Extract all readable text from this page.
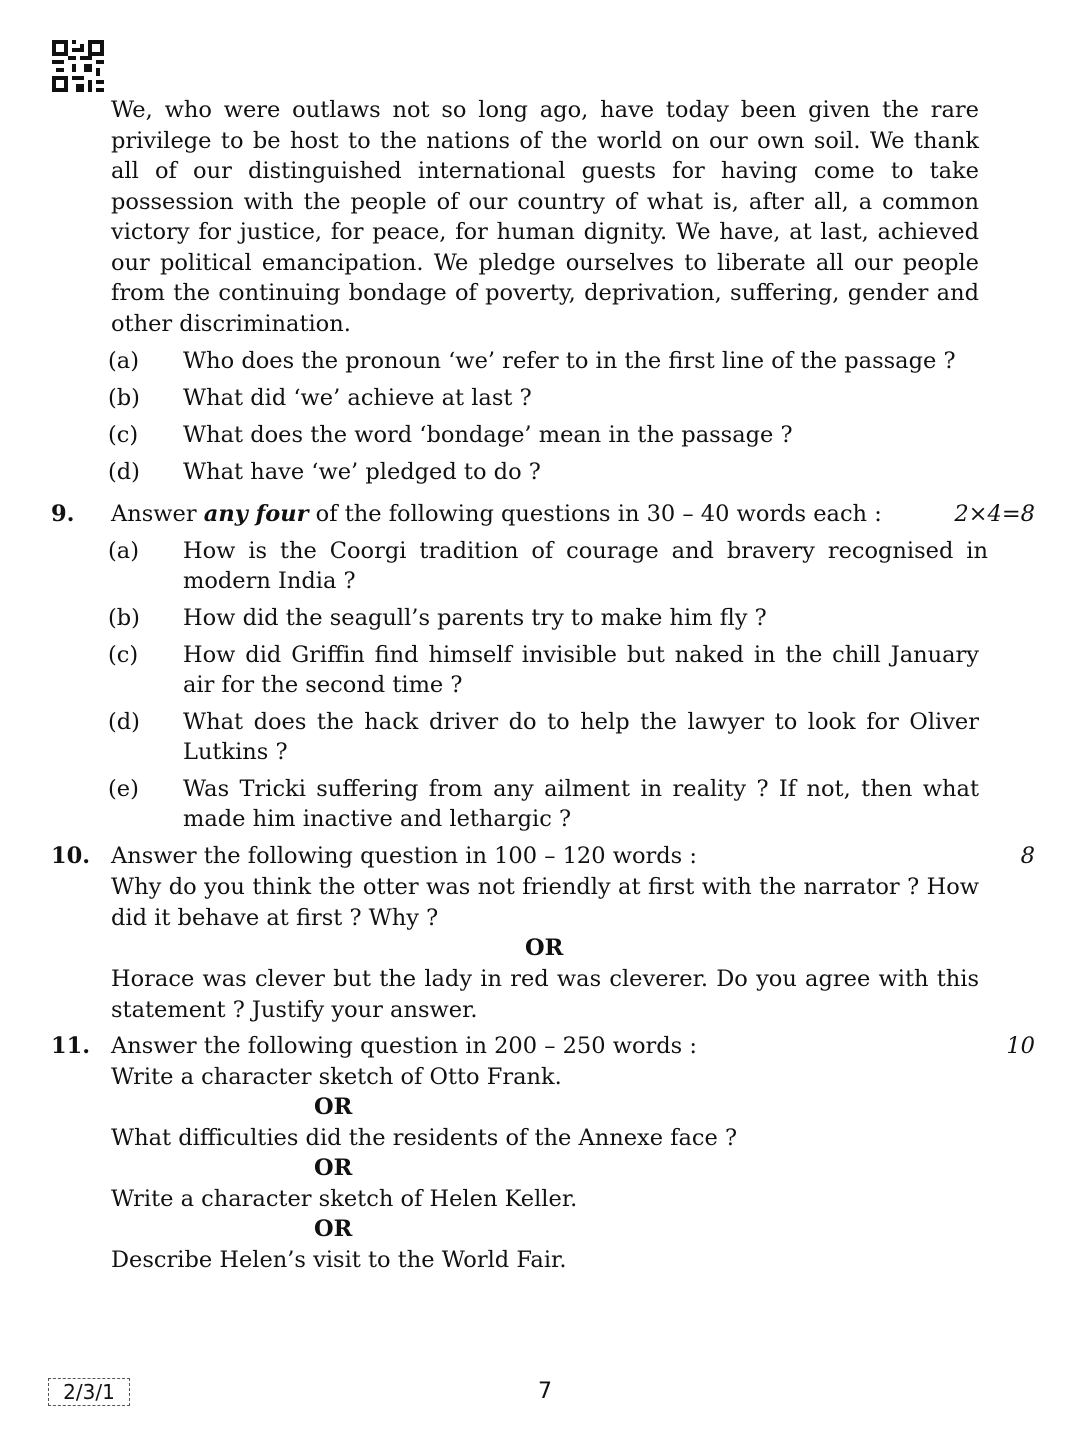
We, who were outlaws not so long ago, have today been given the rare privilege to be host to the nations of the world on our own soil. We thank all of our distinguished international guests for having come to take possession with the people of our country of what is, after all, a common victory for justice, for peace, for human dignity. We have, at last, achieved our political emancipation. We pledge ourselves to liberate all our people from the continuing bondage of poverty, deprivation, suffering, gender and other discrimination.
(a) Who does the pronoun ‘we’ refer to in the first line of the passage ?
(b) What did ‘we’ achieve at last ?
(c) What does the word ‘bondage’ mean in the passage ?
(d) What have ‘we’ pledged to do ?
9. Answer any four of the following questions in 30 – 40 words each :	2×4=8
(a) How is the Coorgi tradition of courage and bravery recognised in modern India ?
(b) How did the seagull’s parents try to make him fly ?
(c) How did Griffin find himself invisible but naked in the chill January air for the second time ?
(d) What does the hack driver do to help the lawyer to look for Oliver Lutkins ?
(e) Was Tricki suffering from any ailment in reality ? If not, then what made him inactive and lethargic ?
10. Answer the following question in 100 – 120 words :	8
Why do you think the otter was not friendly at first with the narrator ? How did it behave at first ? Why ?
OR
Horace was clever but the lady in red was cleverer. Do you agree with this statement ? Justify your answer.
11. Answer the following question in 200 – 250 words :	10
Write a character sketch of Otto Frank.
OR
What difficulties did the residents of the Annexe face ?
OR
Write a character sketch of Helen Keller.
OR
Describe Helen’s visit to the World Fair.
2/3/1	7
